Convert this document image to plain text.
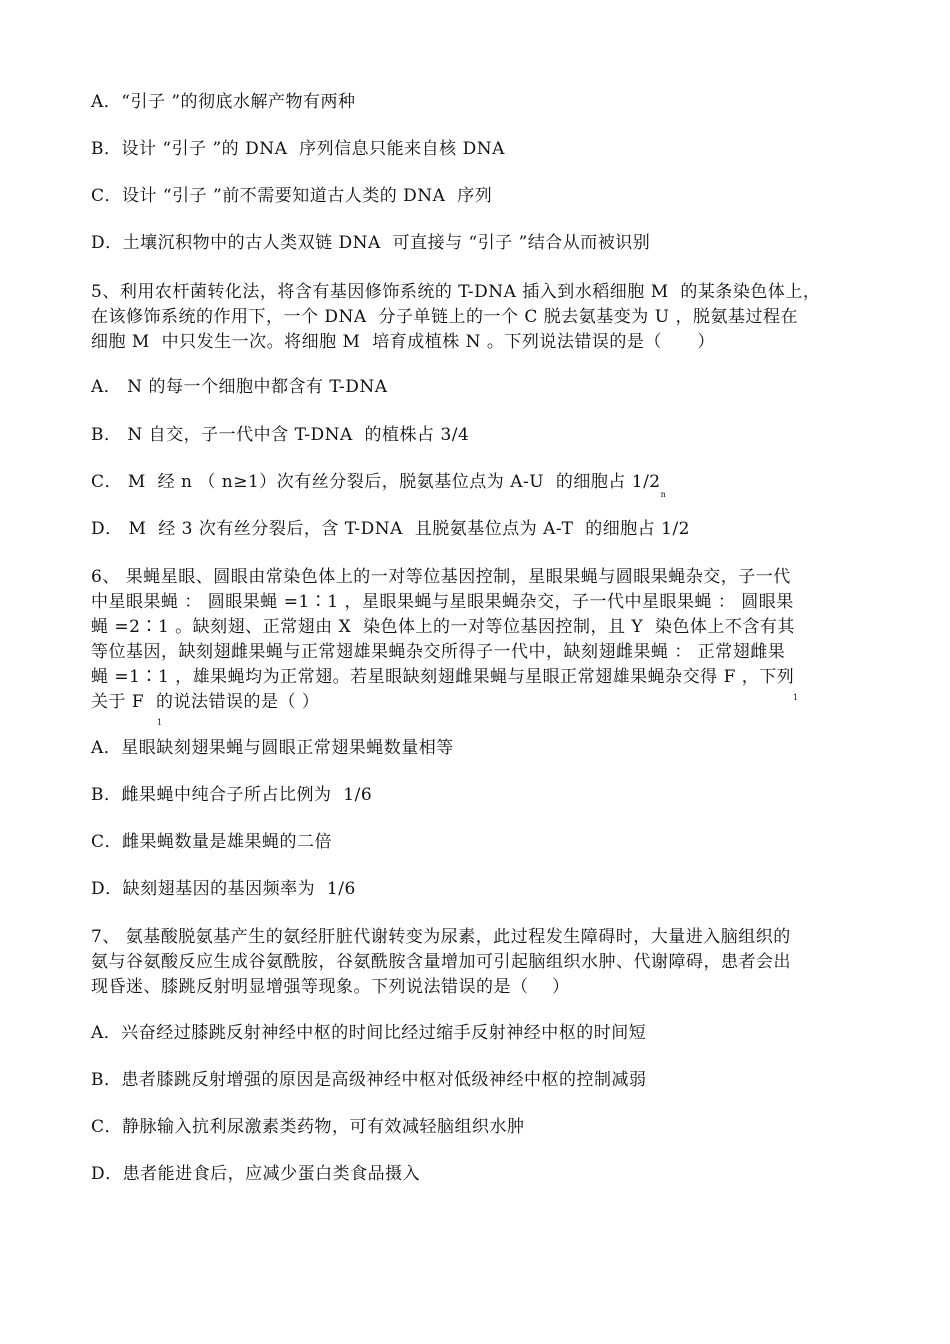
A．“引子 ”的彻底水解产物有两种
B．设计 “引子 ”的 DNA  序列信息只能来自核 DNA
C．设计 “引子 ”前不需要知道古人类的 DNA  序列
D．土壤沉积物中的古人类双链 DNA  可直接与 “引子 ”结合从而被识别
5、利用农杆菌转化法，将含有基因修饰系统的 T-DNA 插入到水稻细胞 M  的某条染色体上，
在该修饰系统的作用下，一个 DNA  分子单链上的一个 C 脱去氨基变为 U ，脱氨基过程在
细胞 M  中只发生一次。将细胞 M  培育成植株 N 。下列说法错误的是（      ）
A． N 的每一个细胞中都含有 T-DNA
B． N 自交，子一代中含 T-DNA  的植株占 3/4
C． M  经 n （ n≥1）次有丝分裂后，脱氨基位点为 A-U  的细胞占 $1/2_n$
D． M  经 3 次有丝分裂后，含 T-DNA  且脱氨基位点为 A-T  的细胞占 1/2
6、 果蝇星眼、圆眼由常染色体上的一对等位基因控制，星眼果蝇与圆眼果蝇杂交，子一代
中星眼果蝇 ： 圆眼果蝇 =1∶1 ，星眼果蝇与星眼果蝇杂交，子一代中星眼果蝇 ： 圆眼果
蝇 =2∶1 。缺刻翅、正常翅由 X  染色体上的一对等位基因控制，且 Y  染色体上不含有其
等位基因，缺刻翅雌果蝇与正常翅雄果蝇杂交所得子一代中，缺刻翅雌果蝇 ： 正常翅雌果
蝇 =1∶1 ，雄果蝇均为正常翅。若星眼缺刻翅雌果蝇与星眼正常翅雄果蝇杂交得 F ，下列
1
关于 F  的说法错误的是（ ）
1
A．星眼缺刻翅果蝇与圆眼正常翅果蝇数量相等
B．雌果蝇中纯合子所占比例为  1/6
C．雌果蝇数量是雄果蝇的二倍
D．缺刻翅基因的基因频率为  1/6
7、 氨基酸脱氨基产生的氨经肝脏代谢转变为尿素，此过程发生障碍时，大量进入脑组织的
氨与谷氨酸反应生成谷氨酰胺，谷氨酰胺含量增加可引起脑组织水肿、代谢障碍，患者会出
现昏迷、膝跳反射明显增强等现象。下列说法错误的是（    ）
A．兴奋经过膝跳反射神经中枢的时间比经过缩手反射神经中枢的时间短
B．患者膝跳反射增强的原因是高级神经中枢对低级神经中枢的控制减弱
C．静脉输入抗利尿激素类药物，可有效减轻脑组织水肿
D．患者能进食后，应减少蛋白类食品摄入
